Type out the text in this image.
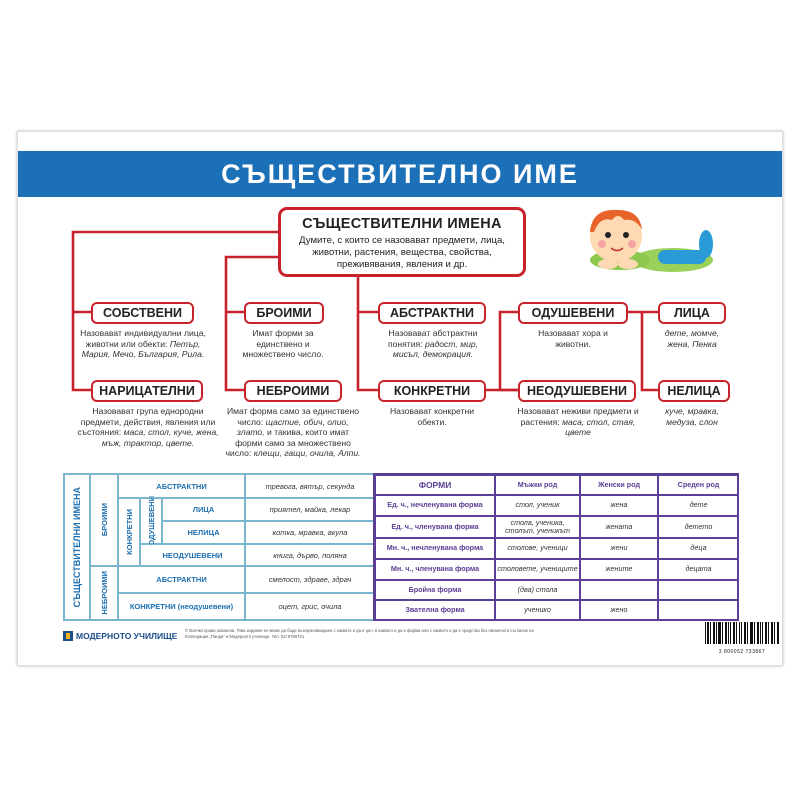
СЪЩЕСТВИТЕЛНО ИМЕ
СЪЩЕСТВИТЕЛНИ ИМЕНА
Думите, с които се назовават предмети, лица, животни, растения, вещества, свойства, преживявания, явления и др.
СОБСТВЕНИ	БРОИМИ	АБСТРАКТНИ	ОДУШЕВЕНИ	ЛИЦА
Назовават индивидуални лица, животни или обекти: Петър, Мария, Мечо, България, Рила.
Имат форми за единствено и множествено число.
Назовават абстрактни понятия: радост, мир, мисъл, демокрация.
Назовават хора и животни.
дете, момче, жена, Пенка
НАРИЦАТЕЛНИ	НЕБРОИМИ	КОНКРЕТНИ	НЕОДУШЕВЕНИ	НЕЛИЦА
Назовават група еднородни предмети, действия, явления или състояния: маса, стол, куче, жена, мъж, трактор, цвете.
Имат форма само за единствено число: щастие, обич, олио, злато, и такива, които имат форми само за множествено число: клещи, гащи, очила, Алпи.
Назовават конкретни обекти.
Назовават неживи предмети и растения: маса, стол, стая, цвете
куче, мравка, медуза, слон
СЪЩЕСТВИТЕЛНИ ИМЕНА БРОИМИ
НЕБРОИМИ
КОНКРЕТНИ ОДУШЕВЕНИ
АБСТРАКТНИ	тревога, вятър, секунда
ЛИЦА	приятел, майка, лекар
НЕЛИЦА	котка, мравка, акула
НЕОДУШЕВЕНИ	книга, дърво, поляна
АБСТРАКТНИ	смелост, здраве, здрач
КОНКРЕТНИ (неодушевени)	оцет, грис, очила
ФОРМИ	Мъжки род	Женски род	Среден род
Ед. ч., нечленувана форма	стол, ученик	жена	дете
Ед. ч., членувана форма	стола, ученика, столът, ученикът	жената	детето
Мн. ч., нечленувана форма	столове, ученици	жени	деца
Мн. ч., членувана форма	столовете, учениците	жените	децата
Бройна форма	(два) стола
Звателна форма	ученико	жено
МОДЕРНОТО УЧИЛИЩЕ
© Всички права запазени. Това издание не може да бъде възпроизвеждано с каквато и да е цел, в каквато и да е форма или с каквито и да е средства без писменото съгласие на Кооперация „Панда“ и Модерното училище. Тел. 02/ 9766721
3 800052 733867
